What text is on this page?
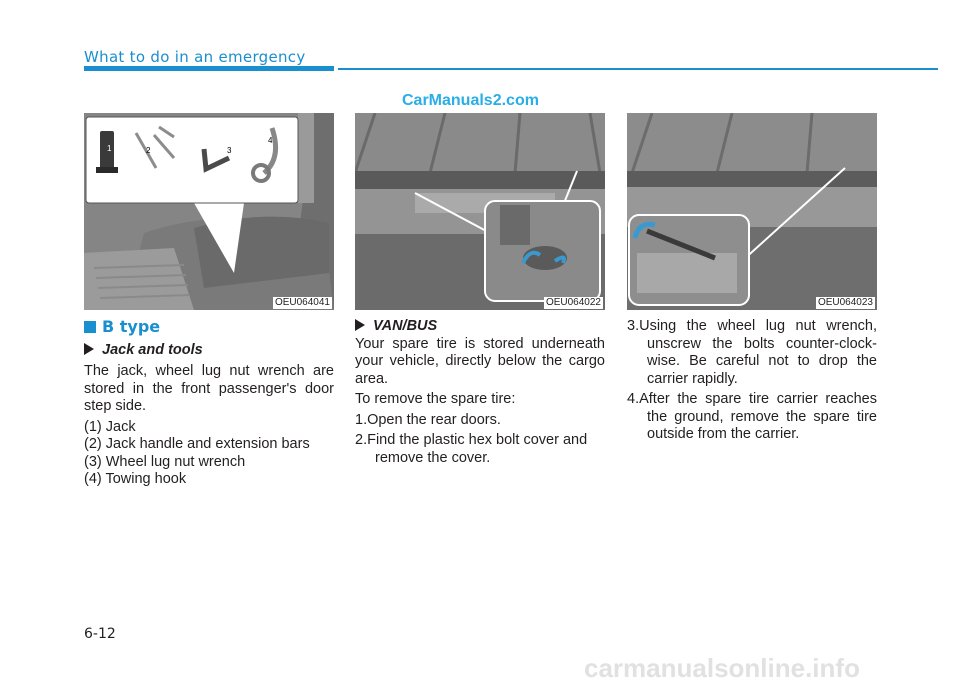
What to do in an emergency
CarManuals2.com
1	2	3
4
OEU064041	OEU064022	OEU064023

B type

Jack and tools

The jack, wheel lug nut wrench are stored in the front passenger's door step side.

(1) Jack

(2) Jack handle and extension bars

(3) Wheel lug nut wrench

(4) Towing hook

VAN/BUS

Your spare tire is stored underneath your vehicle, directly below the cargo area.

To remove the spare tire:

1.Open the rear doors.

2.Find the plastic hex bolt cover and remove the cover.

3.Using the wheel lug nut wrench, unscrew the bolts counter-clock-wise. Be careful not to drop the carrier rapidly.

4.After the spare tire carrier reaches the ground, remove the spare tire outside from the carrier.

6-12
carmanualsonline.info
